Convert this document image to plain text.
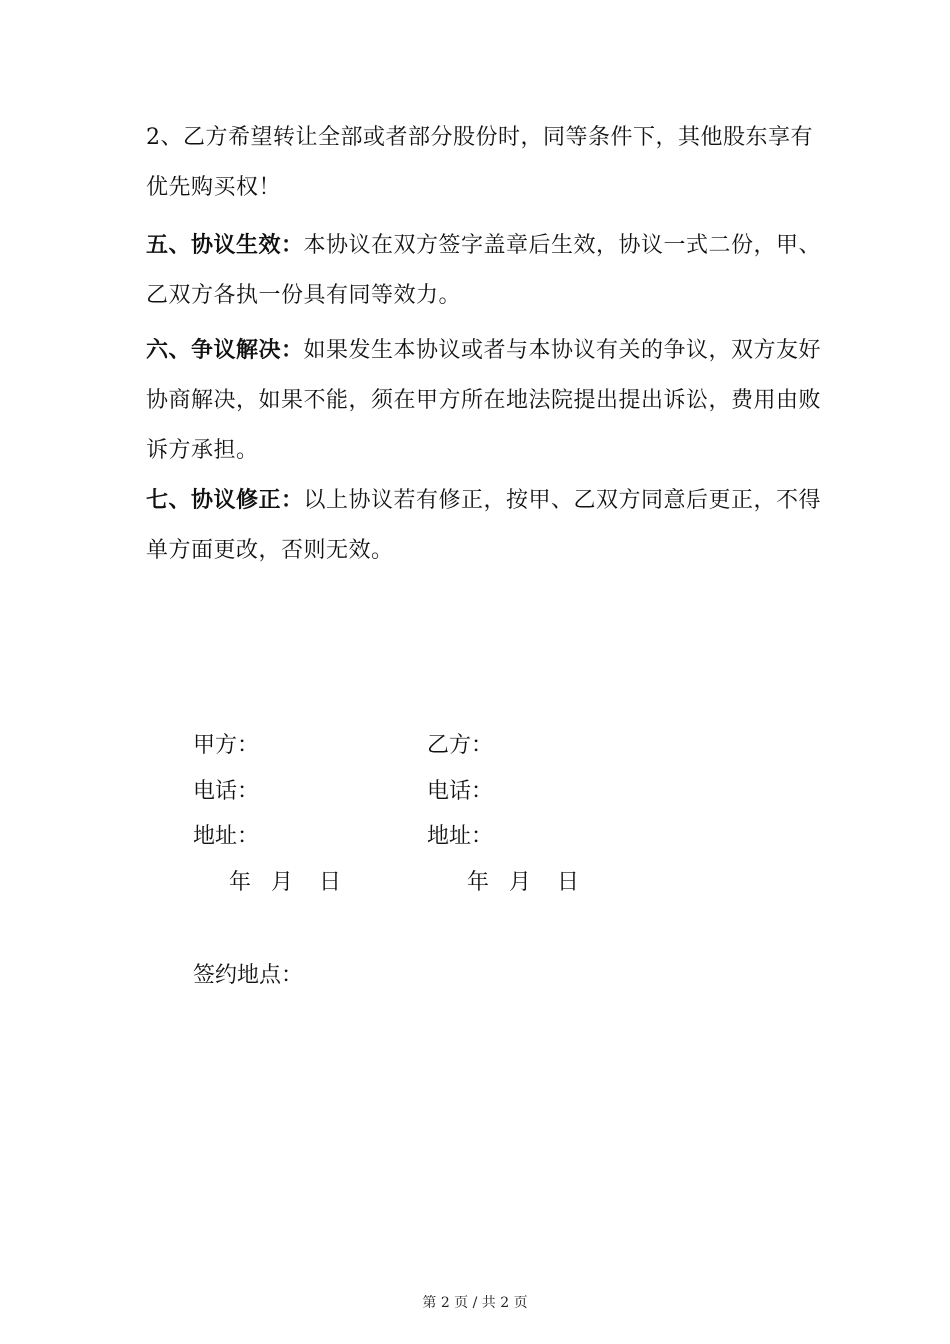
2、乙方希望转让全部或者部分股份时，同等条件下，其他股东享有优先购买权！

五、协议生效：本协议在双方签字盖章后生效，协议一式二份，甲、乙双方各执一份具有同等效力。

六、争议解决：如果发生本协议或者与本协议有关的争议，双方友好协商解决，如果不能，须在甲方所在地法院提出提出诉讼，费用由败诉方承担。

七、协议修正：以上协议若有修正，按甲、乙双方同意后更正，不得单方面更改，否则无效。

甲方：	乙方：
电话：	电话：
地址：	地址：
年 月 日	年 月 日
签约地点：
第 2 页 / 共 2 页
